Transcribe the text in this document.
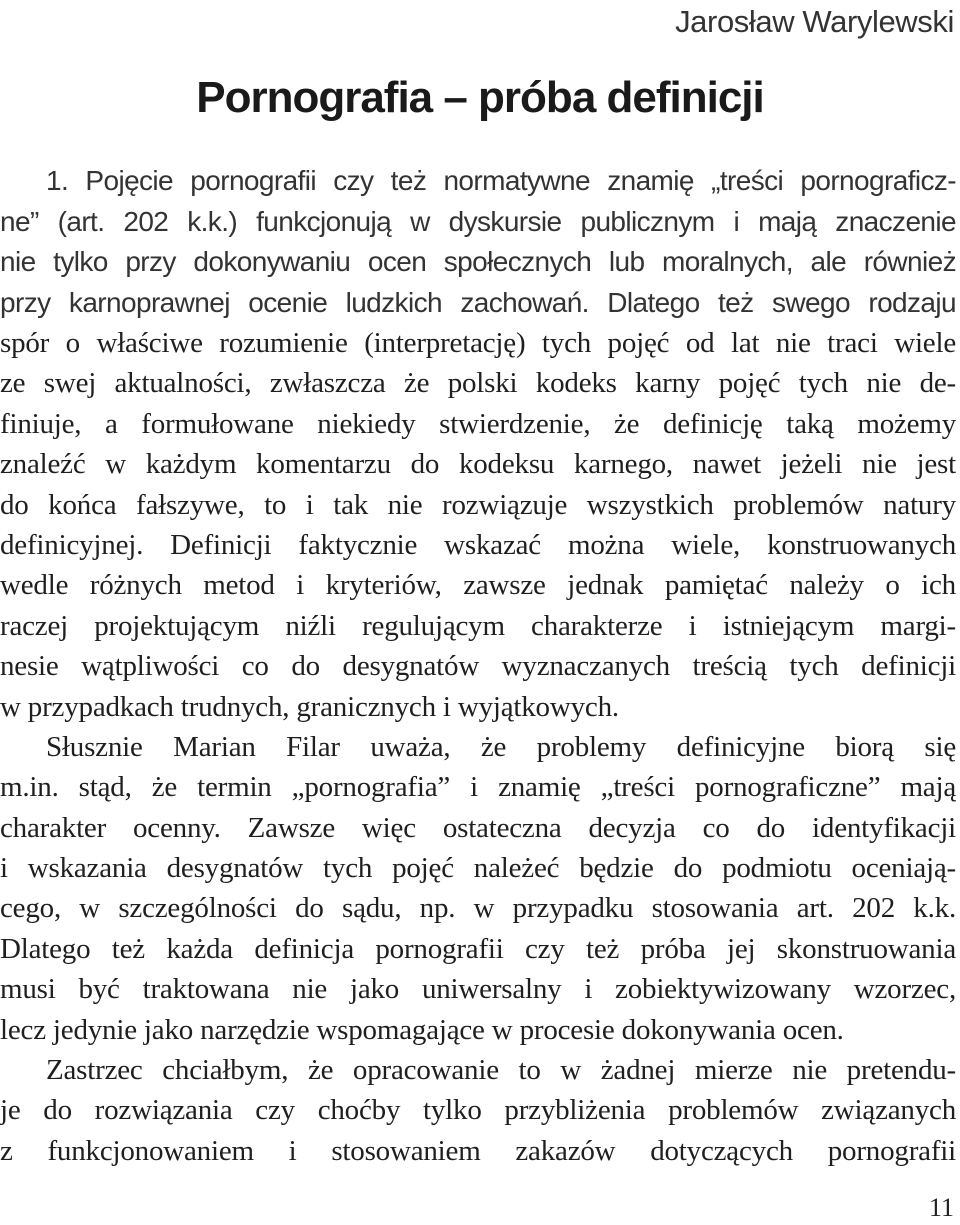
Jarosław Warylewski
Pornografia – próba definicji
1. Pojęcie pornografii czy też normatywne znamię „treści pornograficz-
ne” (art. 202 k.k.) funkcjonują w dyskursie publicznym i mają znaczenie
nie tylko przy dokonywaniu ocen społecznych lub moralnych, ale również
przy karnoprawnej ocenie ludzkich zachowań. Dlatego też swego rodzaju
spór o właściwe rozumienie (interpretację) tych pojęć od lat nie traci wiele
ze swej aktualności, zwłaszcza że polski kodeks karny pojęć tych nie de-
finiuje, a formułowane niekiedy stwierdzenie, że definicję taką możemy
znaleźć w każdym komentarzu do kodeksu karnego, nawet jeżeli nie jest
do końca fałszywe, to i tak nie rozwiązuje wszystkich problemów natury
definicyjnej. Definicji faktycznie wskazać można wiele, konstruowanych
wedle różnych metod i kryteriów, zawsze jednak pamiętać należy o ich
raczej projektującym niźli regulującym charakterze i istniejącym margi-
nesie wątpliwości co do desygnatów wyznaczanych treścią tych definicji
w przypadkach trudnych, granicznych i wyjątkowych.
Słusznie Marian Filar uważa, że problemy definicyjne biorą się
m.in. stąd, że termin „pornografia” i znamię „treści pornograficzne” mają
charakter ocenny. Zawsze więc ostateczna decyzja co do identyfikacji
i wskazania desygnatów tych pojęć należeć będzie do podmiotu oceniają-
cego, w szczególności do sądu, np. w przypadku stosowania art. 202 k.k.
Dlatego też każda definicja pornografii czy też próba jej skonstruowania
musi być traktowana nie jako uniwersalny i zobiektywizowany wzorzec,
lecz jedynie jako narzędzie wspomagające w procesie dokonywania ocen.
Zastrzec chciałbym, że opracowanie to w żadnej mierze nie pretendu-
je do rozwiązania czy choćby tylko przybliżenia problemów związanych
z funkcjonowaniem i stosowaniem zakazów dotyczących pornografii
11
